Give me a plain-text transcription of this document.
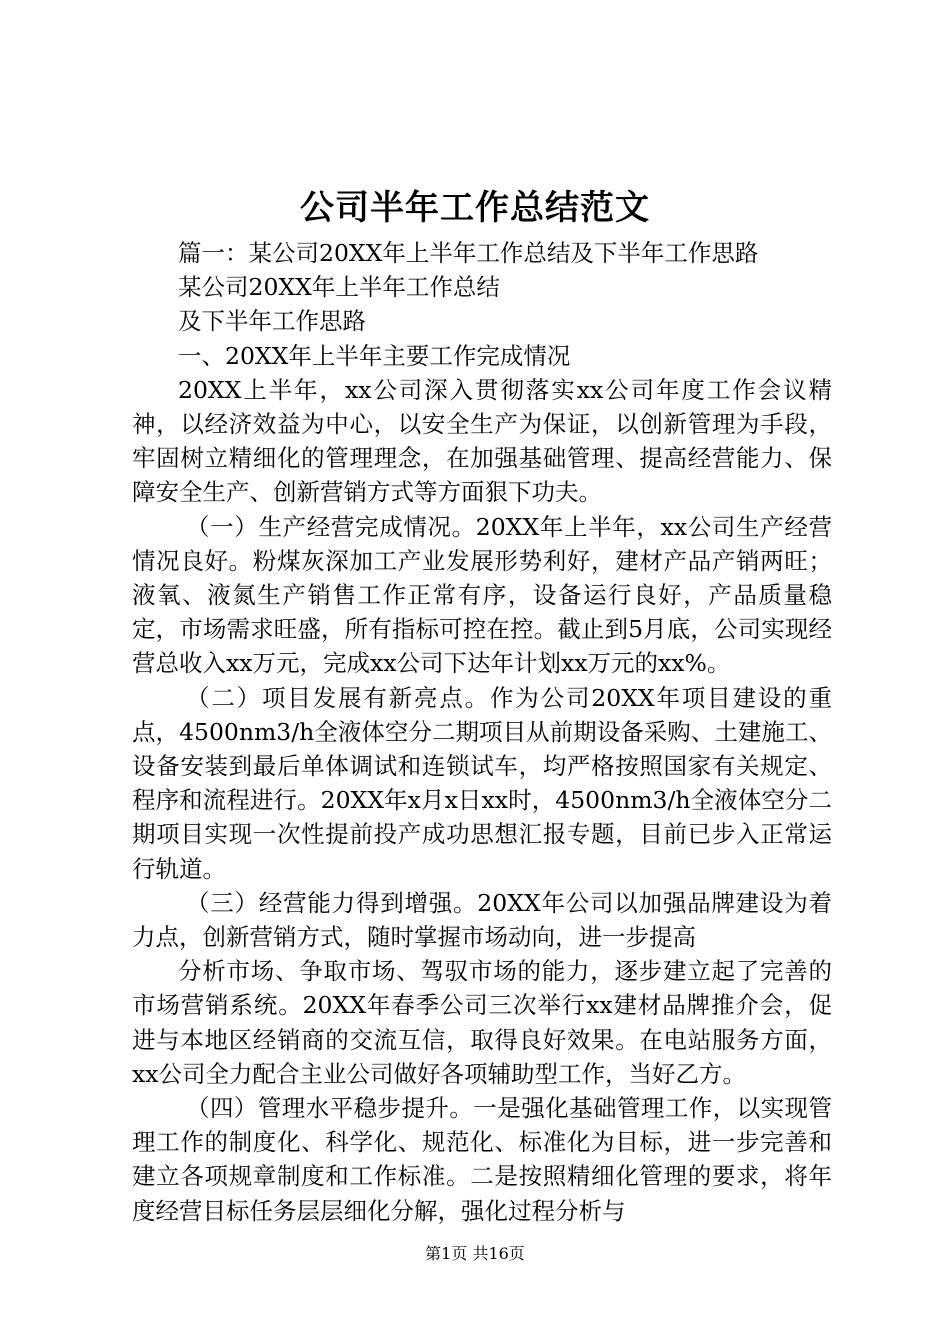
公司半年工作总结范文

篇一：某公司20XX年上半年工作总结及下半年工作思路

某公司20XX年上半年工作总结

及下半年工作思路

一、20XX年上半年主要工作完成情况

20XX上半年，xx公司深入贯彻落实xx公司年度工作会议精神，以经济效益为中心，以安全生产为保证，以创新管理为手段，牢固树立精细化的管理理念，在加强基础管理、提高经营能力、保障安全生产、创新营销方式等方面狠下功夫。

（一）生产经营完成情况。20XX年上半年，xx公司生产经营情况良好。粉煤灰深加工产业发展形势利好，建材产品产销两旺；液氧、液氮生产销售工作正常有序，设备运行良好，产品质量稳定，市场需求旺盛，所有指标可控在控。截止到5月底，公司实现经营总收入xx万元，完成xx公司下达年计划xx万元的xx%。

（二）项目发展有新亮点。作为公司20XX年项目建设的重点，4500nm3/h全液体空分二期项目从前期设备采购、土建施工、设备安装到最后单体调试和连锁试车，均严格按照国家有关规定、程序和流程进行。20XX年x月x日xx时，4500nm3/h全液体空分二期项目实现一次性提前投产成功思想汇报专题，目前已步入正常运行轨道。

（三）经营能力得到增强。20XX年公司以加强品牌建设为着力点，创新营销方式，随时掌握市场动向，进一步提高

分析市场、争取市场、驾驭市场的能力，逐步建立起了完善的市场营销系统。20XX年春季公司三次举行xx建材品牌推介会，促进与本地区经销商的交流互信，取得良好效果。在电站服务方面，xx公司全力配合主业公司做好各项辅助型工作，当好乙方。

（四）管理水平稳步提升。一是强化基础管理工作，以实现管理工作的制度化、科学化、规范化、标准化为目标，进一步完善和建立各项规章制度和工作标准。二是按照精细化管理的要求，将年度经营目标任务层层细化分解，强化过程分析与

第1页 共16页
